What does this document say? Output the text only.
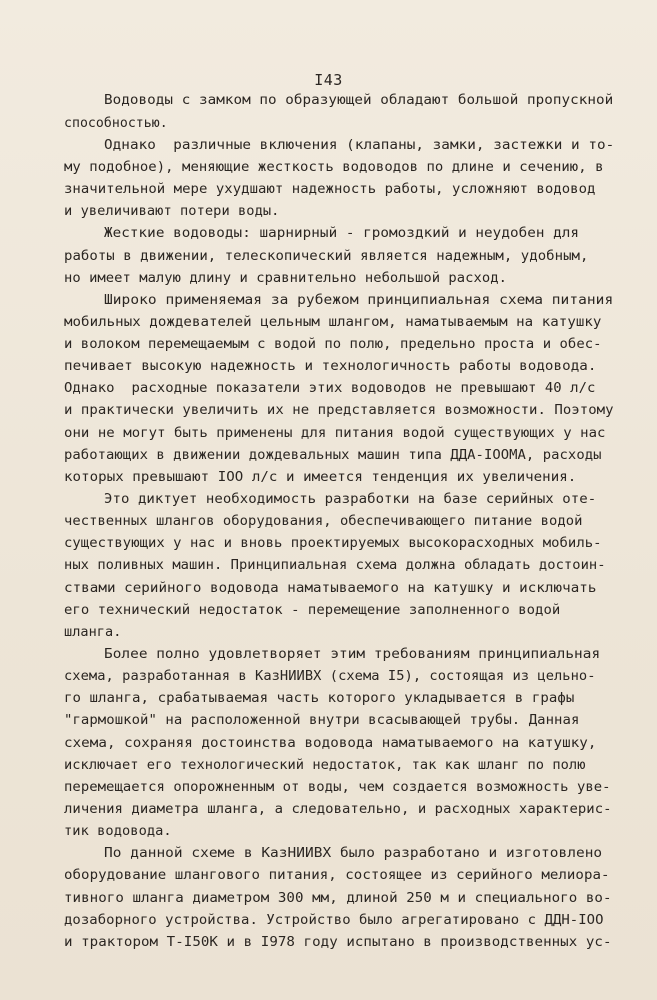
I43
Водоводы с замком по образующей обладают большой пропускной
способностью.
Однако  различные включения (клапаны, замки, застежки и то-
му подобное), меняющие жесткость водоводов по длине и сечению, в
значительной мере ухудшают надежность работы, усложняют водовод
и увеличивают потери воды.
Жесткие водоводы: шарнирный - громоздкий и неудобен для
работы в движении, телескопический является надежным, удобным,
но имеет малую длину и сравнительно небольшой расход.
Широко применяемая за рубежом принципиальная схема питания
мобильных дождевателей цельным шлангом, наматываемым на катушку
и волоком перемещаемым с водой по полю, предельно проста и обес-
печивает высокую надежность и технологичность работы водовода.
Однако  расходные показатели этих водоводов не превышают 40 л/с
и практически увеличить их не представляется возможности. Поэтому
они не могут быть применены для питания водой существующих у нас
работающих в движении дождевальных машин типа ДДА-IOOMA, расходы
которых превышают IOO л/с и имеется тенденция их увеличения.
Это диктует необходимость разработки на базе серийных оте-
чественных шлангов оборудования, обеспечивающего питание водой
существующих у нас и вновь проектируемых высокорасходных мобиль-
ных поливных машин. Принципиальная схема должна обладать достоин-
ствами серийного водовода наматываемого на катушку и исключать
его технический недостаток - перемещение заполненного водой
шланга.
Более полно удовлетворяет этим требованиям принципиальная
схема, разработанная в КазНИИВХ (схема I5), состоящая из цельно-
го шланга, срабатываемая часть которого укладывается в графы
"гармошкой" на расположенной внутри всасывающей трубы. Данная
схема, сохраняя достоинства водовода наматываемого на катушку,
исключает его технологический недостаток, так как шланг по полю
перемещается опорожненным от воды, чем создается возможность уве-
личения диаметра шланга, а следовательно, и расходных характерис-
тик водовода.
По данной схеме в КазНИИВХ было разработано и изготовлено
оборудование шлангового питания, состоящее из серийного мелиора-
тивного шланга диаметром 300 мм, длиной 250 м и специального во-
дозаборного устройства. Устройство было агрегатировано с ДДН-IOO
и трактором Т-I50К и в I978 году испытано в производственных ус-
